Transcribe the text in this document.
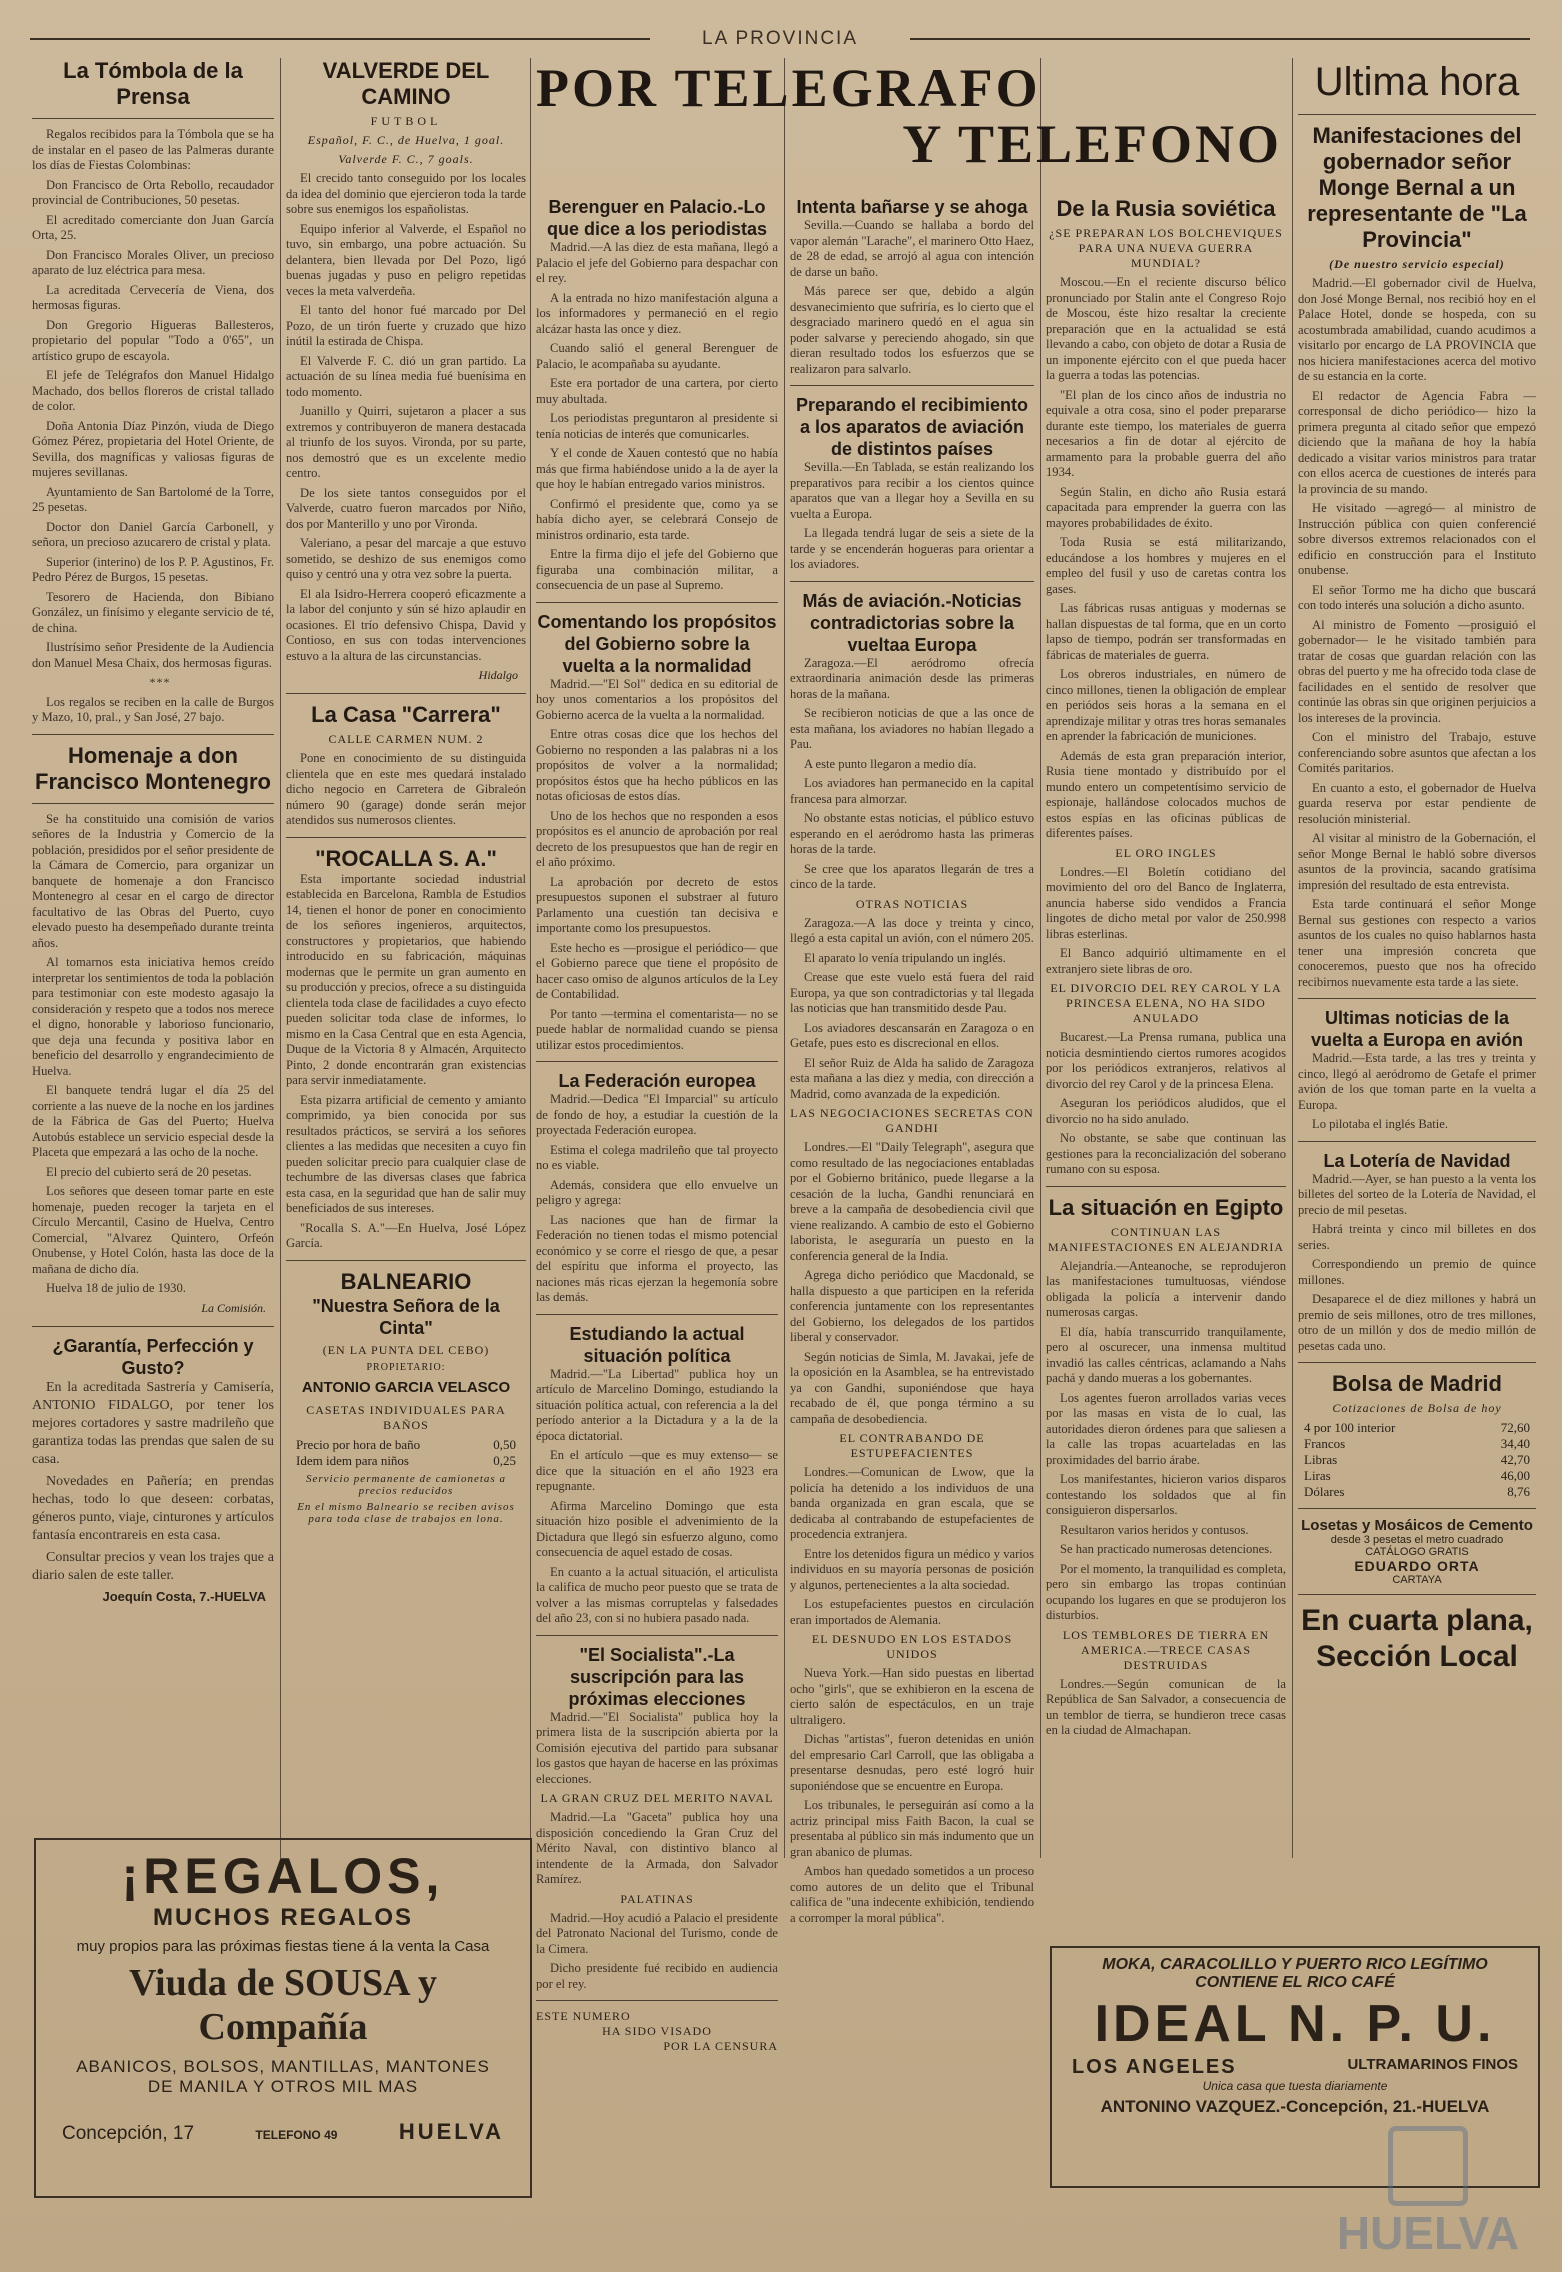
LA PROVINCIA
La Tómbola de la Prensa

Regalos recibidos para la Tómbola que se ha de instalar en el paseo de las Palmeras durante los días de Fiestas Colombinas:

Don Francisco de Orta Rebollo, recaudador provincial de Contribuciones, 50 pesetas.

El acreditado comerciante don Juan García Orta, 25.

Don Francisco Morales Oliver, un precioso aparato de luz eléctrica para mesa.

La acreditada Cervecería de Viena, dos hermosas figuras.

Don Gregorio Higueras Ballesteros, propietario del popular "Todo a 0'65", un artístico grupo de escayola.

El jefe de Telégrafos don Manuel Hidalgo Machado, dos bellos floreros de cristal tallado de color.

Doña Antonia Díaz Pinzón, viuda de Diego Gómez Pérez, propietaria del Hotel Oriente, de Sevilla, dos magníficas y valiosas figuras de mujeres sevillanas.

Ayuntamiento de San Bartolomé de la Torre, 25 pesetas.

Doctor don Daniel García Carbonell, y señora, un precioso azucarero de cristal y plata.

Superior (interino) de los P. P. Agustinos, Fr. Pedro Pérez de Burgos, 15 pesetas.

Tesorero de Hacienda, don Bibiano González, un finísimo y elegante servicio de té, de china.

Ilustrísimo señor Presidente de la Audiencia don Manuel Mesa Chaix, dos hermosas figuras.

***

Los regalos se reciben en la calle de Burgos y Mazo, 10, pral., y San José, 27 bajo.

Homenaje a don Francisco Montenegro

Se ha constituido una comisión de varios señores de la Industria y Comercio de la población, presididos por el señor presidente de la Cámara de Comercio, para organizar un banquete de homenaje a don Francisco Montenegro al cesar en el cargo de director facultativo de las Obras del Puerto, cuyo elevado puesto ha desempeñado durante treinta años.

Al tomarnos esta iniciativa hemos creído interpretar los sentimientos de toda la población para testimoniar con este modesto agasajo la consideración y respeto que a todos nos merece el digno, honorable y laborioso funcionario, que deja una fecunda y positiva labor en beneficio del desarrollo y engrandecimiento de Huelva.

El banquete tendrá lugar el día 25 del corriente a las nueve de la noche en los jardines de la Fábrica de Gas del Puerto; Huelva Autobús establece un servicio especial desde la Placeta que empezará a las ocho de la noche.

El precio del cubierto será de 20 pesetas.

Los señores que deseen tomar parte en este homenaje, pueden recoger la tarjeta en el Círculo Mercantil, Casino de Huelva, Centro Comercial, "Alvarez Quintero, Orfeón Onubense, y Hotel Colón, hasta las doce de la mañana de dicho día.

Huelva 18 de julio de 1930.

La Comisión.
¿Garantía, Perfección y Gusto?

En la acreditada Sastrería y Camisería, ANTONIO FIDALGO, por tener los mejores cortadores y sastre madrileño que garantiza todas las prendas que salen de su casa.

Novedades en Pañería; en prendas hechas, todo lo que deseen: corbatas, géneros punto, viaje, cinturones y artículos fantasía encontrareis en esta casa.

Consultar precios y vean los trajes que a diario salen de este taller.

Joequín Costa, 7.-HUELVA
VALVERDE DEL CAMINO
FUTBOL
Español, F. C., de Huelva, 1 goal.
Valverde F. C., 7 goals.

El crecido tanto conseguido por los locales da idea del dominio que ejercieron toda la tarde sobre sus enemigos los españolistas.

Equipo inferior al Valverde, el Español no tuvo, sin embargo, una pobre actuación. Su delantera, bien llevada por Del Pozo, ligó buenas jugadas y puso en peligro repetidas veces la meta valverdeña.

El tanto del honor fué marcado por Del Pozo, de un tirón fuerte y cruzado que hizo inútil la estirada de Chispa.

El Valverde F. C. dió un gran partido. La actuación de su línea media fué buenísima en todo momento.

Juanillo y Quirri, sujetaron a placer a sus extremos y contribuyeron de manera destacada al triunfo de los suyos. Vironda, por su parte, nos demostró que es un excelente medio centro.

De los siete tantos conseguidos por el Valverde, cuatro fueron marcados por Niño, dos por Manterillo y uno por Vironda.

Valeriano, a pesar del marcaje a que estuvo sometido, se deshizo de sus enemigos como quiso y centró una y otra vez sobre la puerta.

El ala Isidro-Herrera cooperó eficazmente a la labor del conjunto y sún sé hizo aplaudir en ocasiones. El trío defensivo Chispa, David y Contioso, en sus con todas intervenciones estuvo a la altura de las circunstancias.

Hidalgo
La Casa "Carrera"
CALLE CARMEN NUM. 2

Pone en conocimiento de su distinguida clientela que en este mes quedará instalado dicho negocio en Carretera de Gibraleón número 90 (garage) donde serán mejor atendidos sus numerosos clientes.

"ROCALLA S. A."

Esta importante sociedad industrial establecida en Barcelona, Rambla de Estudios 14, tienen el honor de poner en conocimiento de los señores ingenieros, arquitectos, constructores y propietarios, que habiendo introducido en su fabricación, máquinas modernas que le permite un gran aumento en su producción y precios, ofrece a su distinguida clientela toda clase de facilidades a cuyo efecto pueden solicitar toda clase de informes, lo mismo en la Casa Central que en esta Agencia, Duque de la Victoria 8 y Almacén, Arquitecto Pinto, 2 donde encontrarán gran existencias para servir inmediatamente.

Esta pizarra artificial de cemento y amianto comprimido, ya bien conocida por sus resultados prácticos, se servirá a los señores clientes a las medidas que necesiten a cuyo fin pueden solicitar precio para cualquier clase de techumbre de las diversas clases que fabrica esta casa, en la seguridad que han de salir muy beneficiados de sus intereses.

"Rocalla S. A."—En Huelva, José López García.

BALNEARIO
"Nuestra Señora de la Cinta"
(EN LA PUNTA DEL CEBO)
PROPIETARIO:
ANTONIO GARCIA VELASCO
CASETAS INDIVIDUALES PARA BAÑOS
Precio por hora de baño	0,50
Idem idem para niños	0,25
Servicio permanente de camionetas a precios reducidos
En el mismo Balneario se reciben avisos para toda clase de trabajos en lona.
POR TELEGRAFO
Y TELEFONO
Berenguer en Palacio.-Lo que dice a los periodistas

Madrid.—A las diez de esta mañana, llegó a Palacio el jefe del Gobierno para despachar con el rey.

A la entrada no hizo manifestación alguna a los informadores y permaneció en el regio alcázar hasta las once y diez.

Cuando salió el general Berenguer de Palacio, le acompañaba su ayudante.

Este era portador de una cartera, por cierto muy abultada.

Los periodistas preguntaron al presidente si tenía noticias de interés que comunicarles.

Y el conde de Xauen contestó que no había más que firma habiéndose unido a la de ayer la que hoy le habían entregado varios ministros.

Confirmó el presidente que, como ya se había dicho ayer, se celebrará Consejo de ministros ordinario, esta tarde.

Entre la firma dijo el jefe del Gobierno que figuraba una combinación militar, a consecuencia de un pase al Supremo.

Comentando los propósitos del Gobierno sobre la vuelta a la normalidad

Madrid.—"El Sol" dedica en su editorial de hoy unos comentarios a los propósitos del Gobierno acerca de la vuelta a la normalidad.

Entre otras cosas dice que los hechos del Gobierno no responden a las palabras ni a los propósitos de volver a la normalidad; propósitos éstos que ha hecho públicos en las notas oficiosas de estos días.

Uno de los hechos que no responden a esos propósitos es el anuncio de aprobación por real decreto de los presupuestos que han de regir en el año próximo.

La aprobación por decreto de estos presupuestos suponen el substraer al futuro Parlamento una cuestión tan decisiva e importante como los presupuestos.

Este hecho es —prosigue el periódico— que el Gobierno parece que tiene el propósito de hacer caso omiso de algunos artículos de la Ley de Contabilidad.

Por tanto —termina el comentarista— no se puede hablar de normalidad cuando se piensa utilizar estos procedimientos.

La Federación europea

Madrid.—Dedica "El Imparcial" su artículo de fondo de hoy, a estudiar la cuestión de la proyectada Federación europea.

Estima el colega madrileño que tal proyecto no es viable.

Además, considera que ello envuelve un peligro y agrega:

Las naciones que han de firmar la Federación no tienen todas el mismo potencial económico y se corre el riesgo de que, a pesar del espíritu que informa el proyecto, las naciones más ricas ejerzan la hegemonía sobre las demás.

Estudiando la actual situación política

Madrid.—"La Libertad" publica hoy un artículo de Marcelino Domingo, estudiando la situación política actual, con referencia a la del período anterior a la Dictadura y a la de la época dictatorial.

En el artículo —que es muy extenso— se dice que la situación en el año 1923 era repugnante.

Afirma Marcelino Domingo que esta situación hizo posible el advenimiento de la Dictadura que llegó sin esfuerzo alguno, como consecuencia de aquel estado de cosas.

En cuanto a la actual situación, el articulista la califica de mucho peor puesto que se trata de volver a las mismas corruptelas y falsedades del año 23, con si no hubiera pasado nada.

"El Socialista".-La suscripción para las próximas elecciones

Madrid.—"El Socialista" publica hoy la primera lista de la suscripción abierta por la Comisión ejecutiva del partido para subsanar los gastos que hayan de hacerse en las próximas elecciones.

LA GRAN CRUZ DEL MERITO NAVAL

Madrid.—La "Gaceta" publica hoy una disposición concediendo la Gran Cruz del Mérito Naval, con distintivo blanco al intendente de la Armada, don Salvador Ramírez.

PALATINAS

Madrid.—Hoy acudió a Palacio el presidente del Patronato Nacional del Turismo, conde de la Cimera.

Dicho presidente fué recibido en audiencia por el rey.

ESTE NUMERO
HA SIDO VISADO
POR LA CENSURA
Intenta bañarse y se ahoga

Sevilla.—Cuando se hallaba a bordo del vapor alemán "Larache", el marinero Otto Haez, de 28 de edad, se arrojó al agua con intención de darse un baño.

Más parece ser que, debido a algún desvanecimiento que sufriría, es lo cierto que el desgraciado marinero quedó en el agua sin poder salvarse y pereciendo ahogado, sin que dieran resultado todos los esfuerzos que se realizaron para salvarlo.

Preparando el recibimiento a los aparatos de aviación de distintos países

Sevilla.—En Tablada, se están realizando los preparativos para recibir a los cientos quince aparatos que van a llegar hoy a Sevilla en su vuelta a Europa.

La llegada tendrá lugar de seis a siete de la tarde y se encenderán hogueras para orientar a los aviadores.

Más de aviación.-Noticias contradictorias sobre la vueltaa Europa

Zaragoza.—El aeródromo ofrecía extraordinaria animación desde las primeras horas de la mañana.

Se recibieron noticias de que a las once de esta mañana, los aviadores no habían llegado a Pau.

A este punto llegaron a medio día.

Los aviadores han permanecido en la capital francesa para almorzar.

No obstante estas noticias, el público estuvo esperando en el aeródromo hasta las primeras horas de la tarde.

Se cree que los aparatos llegarán de tres a cinco de la tarde.

OTRAS NOTICIAS

Zaragoza.—A las doce y treinta y cinco, llegó a esta capital un avión, con el número 205.

El aparato lo venía tripulando un inglés.

Crease que este vuelo está fuera del raid Europa, ya que son contradictorias y tal llegada las noticias que han transmitido desde Pau.

Los aviadores descansarán en Zaragoza o en Getafe, pues esto es discrecional en ellos.

El señor Ruiz de Alda ha salido de Zaragoza esta mañana a las diez y media, con dirección a Madrid, como avanzada de la expedición.

LAS NEGOCIACIONES SECRETAS CON GANDHI

Londres.—El "Daily Telegraph", asegura que como resultado de las negociaciones entabladas por el Gobierno británico, puede llegarse a la cesación de la lucha, Gandhi renunciará en breve a la campaña de desobediencia civil que viene realizando. A cambio de esto el Gobierno laborista, le aseguraría un puesto en la conferencia general de la India.

Agrega dicho periódico que Macdonald, se halla dispuesto a que participen en la referida conferencia juntamente con los representantes del Gobierno, los delegados de los partidos liberal y conservador.

Según noticias de Simla, M. Javakai, jefe de la oposición en la Asamblea, se ha entrevistado ya con Gandhi, suponiéndose que haya recabado de él, que ponga término a su campaña de desobediencia.

EL CONTRABANDO DE ESTUPEFACIENTES

Londres.—Comunican de Lwow, que la policía ha detenido a los individuos de una banda organizada en gran escala, que se dedicaba al contrabando de estupefacientes de procedencia extranjera.

Entre los detenidos figura un médico y varios individuos en su mayoría personas de posición y algunos, pertenecientes a la alta sociedad.

Los estupefacientes puestos en circulación eran importados de Alemania.

EL DESNUDO EN LOS ESTADOS UNIDOS

Nueva York.—Han sido puestas en libertad ocho "girls", que se exhibieron en la escena de cierto salón de espectáculos, en un traje ultraligero.

Dichas "artistas", fueron detenidas en unión del empresario Carl Carroll, que las obligaba a presentarse desnudas, pero esté logró huir suponiéndose que se encuentre en Europa.

Los tribunales, le perseguirán así como a la actriz principal miss Faith Bacon, la cual se presentaba al público sin más indumento que un gran abanico de plumas.

Ambos han quedado sometidos a un proceso como autores de un delito que el Tribunal califica de "una indecente exhibición, tendiendo a corromper la moral pública".

De la Rusia soviética
¿SE PREPARAN LOS BOLCHEVIQUES PARA UNA NUEVA GUERRA MUNDIAL?

Moscou.—En el reciente discurso bélico pronunciado por Stalin ante el Congreso Rojo de Moscou, éste hizo resaltar la creciente preparación que en la actualidad se está llevando a cabo, con objeto de dotar a Rusia de un imponente ejército con el que pueda hacer la guerra a todas las potencias.

"El plan de los cinco años de industria no equivale a otra cosa, sino el poder prepararse durante este tiempo, los materiales de guerra necesarios a fin de dotar al ejército de armamento para la probable guerra del año 1934.

Según Stalin, en dicho año Rusia estará capacitada para emprender la guerra con las mayores probabilidades de éxito.

Toda Rusia se está militarizando, educándose a los hombres y mujeres en el empleo del fusil y uso de caretas contra los gases.

Las fábricas rusas antiguas y modernas se hallan dispuestas de tal forma, que en un corto lapso de tiempo, podrán ser transformadas en fábricas de materiales de guerra.

Los obreros industriales, en número de cinco millones, tienen la obligación de emplear en periódos seis horas a la semana en el aprendizaje militar y otras tres horas semanales en aprender la fabricación de municiones.

Además de esta gran preparación interior, Rusia tiene montado y distribuído por el mundo entero un competentísimo servicio de espionaje, hallándose colocados muchos de estos espías en las oficinas públicas de diferentes países.

EL ORO INGLES

Londres.—El Boletín cotidiano del movimiento del oro del Banco de Inglaterra, anuncia haberse sido vendidos a Francia lingotes de dicho metal por valor de 250.998 libras esterlinas.

El Banco adquirió ultimamente en el extranjero siete libras de oro.

EL DIVORCIO DEL REY CAROL Y LA PRINCESA ELENA, NO HA SIDO ANULADO

Bucarest.—La Prensa rumana, publica una noticia desmintiendo ciertos rumores acogidos por los periódicos extranjeros, relativos al divorcio del rey Carol y de la princesa Elena.

Aseguran los periódicos aludidos, que el divorcio no ha sido anulado.

No obstante, se sabe que continuan las gestiones para la reconcialización del soberano rumano con su esposa.

La situación en Egipto
CONTINUAN LAS MANIFESTACIONES EN ALEJANDRIA

Alejandría.—Anteanoche, se reprodujeron las manifestaciones tumultuosas, viéndose obligada la policía a intervenir dando numerosas cargas.

El día, había transcurrido tranquilamente, pero al oscurecer, una inmensa multitud invadió las calles céntricas, aclamando a Nahs pachá y dando mueras a los gobernantes.

Los agentes fueron arrollados varias veces por las masas en vista de lo cual, las autoridades dieron órdenes para que saliesen a la calle las tropas acuarteladas en las proximidades del barrio árabe.

Los manifestantes, hicieron varios disparos contestando los soldados que al fin consiguieron dispersarlos.

Resultaron varios heridos y contusos.

Se han practicado numerosas detenciones.

Por el momento, la tranquilidad es completa, pero sin embargo las tropas continúan ocupando los lugares en que se produjeron los disturbios.

LOS TEMBLORES DE TIERRA EN AMERICA.—TRECE CASAS DESTRUIDAS

Londres.—Según comunican de la República de San Salvador, a consecuencia de un temblor de tierra, se hundieron trece casas en la ciudad de Almachapan.

Ultima hora
Manifestaciones del gobernador señor Monge Bernal a un representante de "La Provincia"
(De nuestro servicio especial)

Madrid.—El gobernador civil de Huelva, don José Monge Bernal, nos recibió hoy en el Palace Hotel, donde se hospeda, con su acostumbrada amabilidad, cuando acudimos a visitarlo por encargo de LA PROVINCIA que nos hiciera manifestaciones acerca del motivo de su estancia en la corte.

El redactor de Agencia Fabra —corresponsal de dicho periódico— hizo la primera pregunta al citado señor que empezó diciendo que la mañana de hoy la había dedicado a visitar varios ministros para tratar con ellos acerca de cuestiones de interés para la provincia de su mando.

He visitado —agregó— al ministro de Instrucción pública con quien conferencié sobre diversos extremos relacionados con el edificio en construcción para el Instituto onubense.

El señor Tormo me ha dicho que buscará con todo interés una solución a dicho asunto.

Al ministro de Fomento —prosiguió el gobernador— le he visitado también para tratar de cosas que guardan relación con las obras del puerto y me ha ofrecido toda clase de facilidades en el sentido de resolver que continúe las obras sin que originen perjuicios a los intereses de la provincia.

Con el ministro del Trabajo, estuve conferenciando sobre asuntos que afectan a los Comités paritarios.

En cuanto a esto, el gobernador de Huelva guarda reserva por estar pendiente de resolución ministerial.

Al visitar al ministro de la Gobernación, el señor Monge Bernal le habló sobre diversos asuntos de la provincia, sacando gratísima impresión del resultado de esta entrevista.

Esta tarde continuará el señor Monge Bernal sus gestiones con respecto a varios asuntos de los cuales no quiso hablarnos hasta tener una impresión concreta que conoceremos, puesto que nos ha ofrecido recibirnos nuevamente esta tarde a las siete.

Ultimas noticias de la vuelta a Europa en avión

Madrid.—Esta tarde, a las tres y treinta y cinco, llegó al aeródromo de Getafe el primer avión de los que toman parte en la vuelta a Europa.

Lo pilotaba el inglés Batie.

La Lotería de Navidad

Madrid.—Ayer, se han puesto a la venta los billetes del sorteo de la Lotería de Navidad, el precio de mil pesetas.

Habrá treinta y cinco mil billetes en dos series.

Correspondiendo un premio de quince millones.

Desaparece el de diez millones y habrá un premio de seis millones, otro de tres millones, otro de un millón y dos de medio millón de pesetas cada uno.

Bolsa de Madrid
Cotizaciones de Bolsa de hoy
4 por 100 interior	72,60
Francos	34,40
Libras	42,70
Liras	46,00
Dólares	8,76
Losetas y Mosáicos de Cemento
desde 3 pesetas el metro cuadrado
CATÁLOGO GRATIS
EDUARDO ORTA
CARTAYA
En cuarta plana, Sección Local
¡REGALOS,
MUCHOS REGALOS
muy propios para las próximas fiestas tiene á la venta la Casa
Viuda de SOUSA y Compañía
ABANICOS, BOLSOS, MANTILLAS, MANTONES DE MANILA Y OTROS MIL MAS
Concepción, 17	TELEFONO 49	HUELVA
MOKA, CARACOLILLO Y PUERTO RICO LEGÍTIMO
CONTIENE EL RICO CAFÉ
IDEAL N. P. U.
LOS ANGELES	ULTRAMARINOS FINOS
Unica casa que tuesta diariamente
ANTONINO VAZQUEZ.-Concepción, 21.-HUELVA
HUELVA
